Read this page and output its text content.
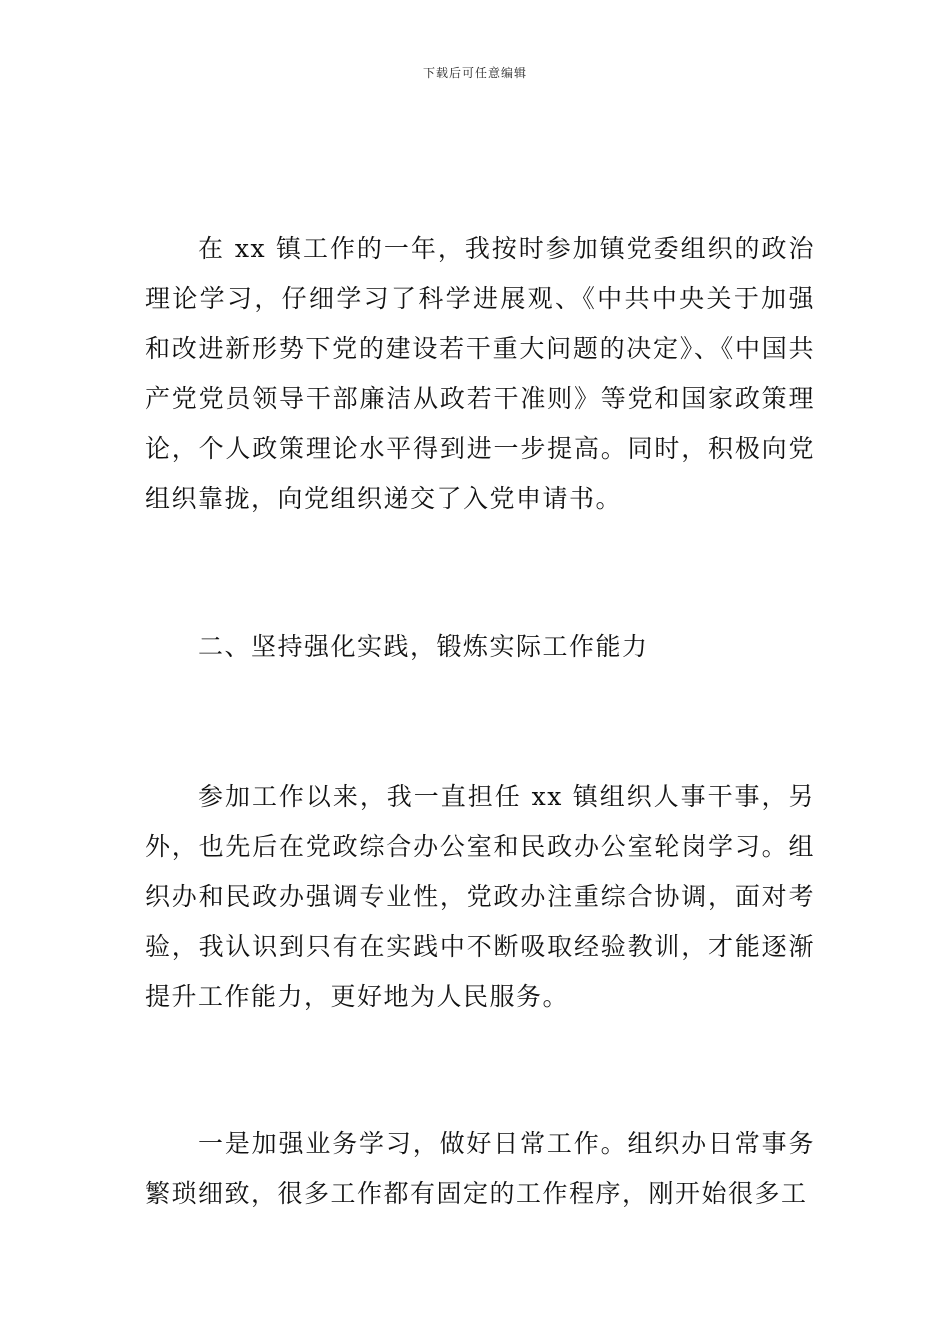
下载后可任意编辑

在 xx 镇工作的一年，我按时参加镇党委组织的政治理论学习，仔细学习了科学进展观、《中共中央关于加强和改进新形势下党的建设若干重大问题的决定》、《中国共产党党员领导干部廉洁从政若干准则》等党和国家政策理论，个人政策理论水平得到进一步提高。同时，积极向党组织靠拢，向党组织递交了入党申请书。

二、坚持强化实践，锻炼实际工作能力

参加工作以来，我一直担任 xx 镇组织人事干事，另外，也先后在党政综合办公室和民政办公室轮岗学习。组织办和民政办强调专业性，党政办注重综合协调，面对考验，我认识到只有在实践中不断吸取经验教训，才能逐渐提升工作能力，更好地为人民服务。

一是加强业务学习，做好日常工作。组织办日常事务繁琐细致，很多工作都有固定的工作程序，刚开始很多工
